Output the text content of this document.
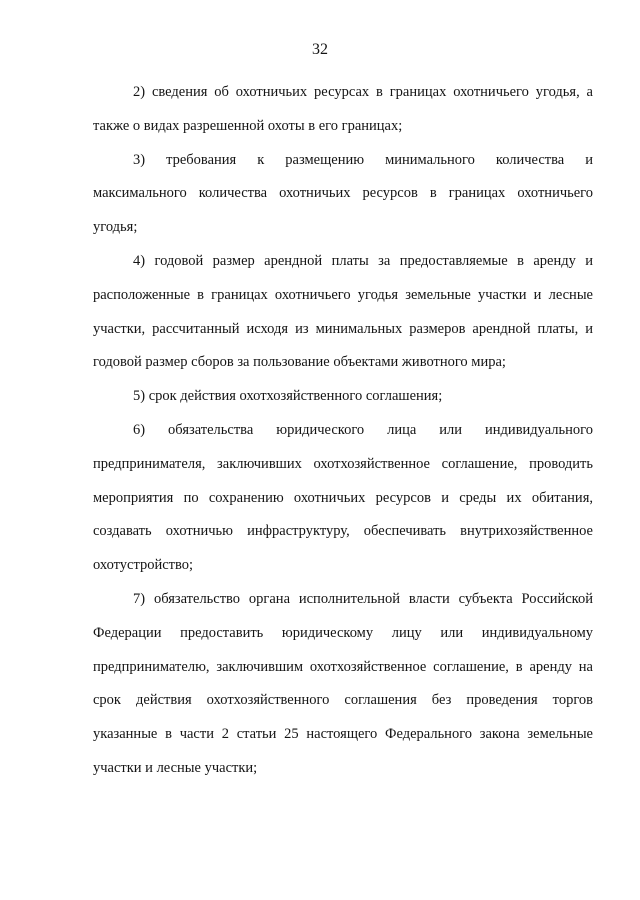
32
2) сведения об охотничьих ресурсах в границах охотничьего угодья, а
также о видах разрешенной охоты в его границах;
3) требования к размещению минимального количества и
максимального количества охотничьих ресурсов в границах охотничьего
угодья;
4) годовой размер арендной платы за предоставляемые в аренду и
расположенные в границах охотничьего угодья земельные участки и лесные
участки, рассчитанный исходя из минимальных размеров арендной платы, и
годовой размер сборов за пользование объектами животного мира;
5) срок действия охотхозяйственного соглашения;
6) обязательства юридического лица или индивидуального
предпринимателя, заключивших охотхозяйственное соглашение, проводить
мероприятия по сохранению охотничьих ресурсов и среды их обитания,
создавать охотничью инфраструктуру, обеспечивать внутрихозяйственное
охотустройство;
7) обязательство органа исполнительной власти субъекта Российской
Федерации предоставить юридическому лицу или индивидуальному
предпринимателю, заключившим охотхозяйственное соглашение, в аренду на
срок действия охотхозяйственного соглашения без проведения торгов
указанные в части 2 статьи 25 настоящего Федерального закона земельные
участки и лесные участки;
